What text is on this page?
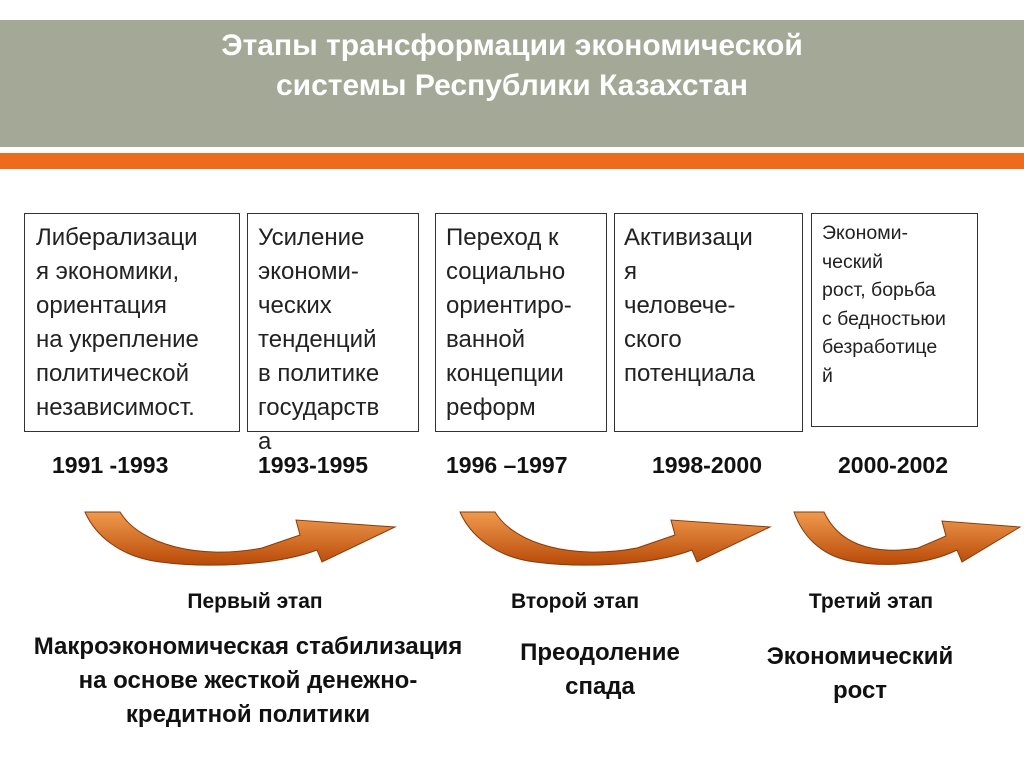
Этапы трансформации экономической
системы Республики Казахстан
Либерализаци
я экономики,
ориентация
на укрепление
политической
независимост.
Усиление
экономи-
ческих
тенденций
в политике
государств
а
Переход к
социально
ориентиро-
ванной
концепции
реформ
Активизаци
я
человече-
ского
потенциала
Экономи-
ческий
рост, борьба
с бедностьюи
безработице
й
1991 -1993	1993-1995	1996 –1997	1998-2000	2000-2002
Первый этап	Второй этап	Третий этап
Макроэкономическая стабилизация
на основе жесткой денежно-
кредитной политики
Преодоление
спада
Экономический
рост
